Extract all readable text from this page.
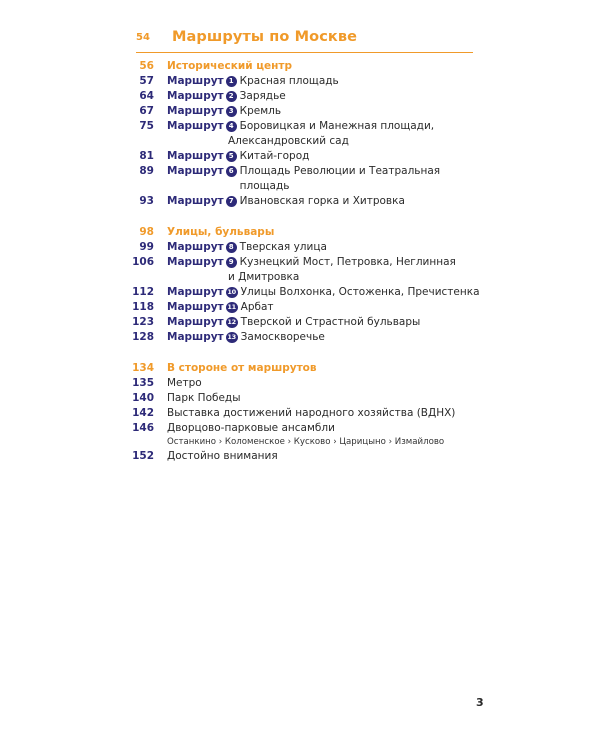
54	Маршруты по Москве
56 Исторический центр
57 Маршрут 1 Красная площадь
64 Маршрут 2 Зарядье
67 Маршрут 3 Кремль
75 Маршрут 4 Боровицкая и Манежная площади,
Александровский сад
81 Маршрут 5 Китай-город
89 Маршрут 6 Площадь Революции и Театральная площадь
93 Маршрут 7 Ивановская горка и Хитровка
98 Улицы, бульвары
99 Маршрут 8 Тверская улица
106 Маршрут 9 Кузнецкий Мост, Петровка, Неглинная
и Дмитровка
112 Маршрут 10 Улицы Волхонка, Остоженка, Пречистенка
118 Маршрут 11 Арбат
123 Маршрут 12 Тверской и Страстной бульвары
128 Маршрут 13 Замоскворечье
134 В стороне от маршрутов
135 Метро
140 Парк Победы
142 Выставка достижений народного хозяйства (ВДНХ)
146 Дворцово-парковые ансамбли
Останкино › Коломенское › Кусково › Царицыно › Измайлово
152 Достойно внимания
3
